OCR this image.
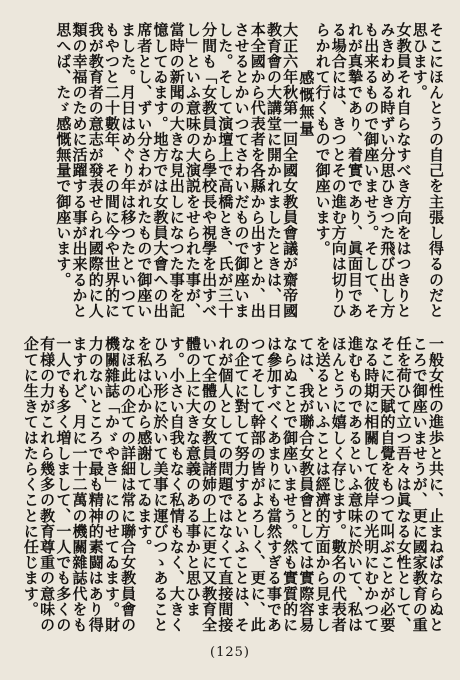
そこにほんとうの自己を主張し得るのだと思ひます。

女教員それ自らなすべき方向をはつきりとみきわめる時ずい分思ひきつた飛び出し方も出来るもので御座いませう。そして、それが真摯であり、着實であり、眞面目である場合には、きつとその進む方向は切りひらかれて行くもので御座います。

感慨無量

大正六年秋第一回全國女教員會議が齋帝國教育會の大講堂に開かれましたときは、日本全國から代表者を各縣から出すとか、出させるとかいつてさわいだもので御座いました。そして演壇上で高橋とき、氏が三十分間も「女教員から學校長や視學を出すべし」といふ意味の大演説をせられた事が、當時の新聞の大きな見出しになつた事を記憶してゐます。地方では女教員大會への出席者とし、ずい分さわがれたもので御座いました。月日はめぐり年は移つたといつてもやつと二十數年、その間に今や世界的に我が教育者の意志が發表せられ國際的に人類の幸福のために活躍する事が出来るかと思へば、たゞ感慨無量で御座います。

一般女性の進歩と共に、止まねばならぬところで御座いませうが、更に國家教育の重任を荷ひて立つ吾々は眞なる女性として、そこに天賦的自覺をもつて叫ぶことが必要なる時期に相關して彼岸の光明にむかつて進むものであるといふ意味に於いて、私はほんとうに嬉しく存じます。數名の代表者を送るといふことは經濟的方面から見ましては、我が聯合女教員會としては實際容易ならぬことで御座いませう。然も實質的には參加すべくあまりにも當然すぎる事であつてそして幹部の皆がよろしく、更に、此の企てに對して努力するといふことは、それが個人としての問題ではなくて直接間接いて全體の女教員諸姉の上に更に又教育全體の上に大きな意義のある事かと思ひます。小さい自我もなく私情もなく、大きくひろい形に於いて美事に運びつゝあることを私は心から感謝してゐます。

なほ此の企ての詳細は常に聯合女教員會の機關雜誌「かゞやき」にのせてゐます。財力のないところで最も精神的素闘はあり得ますれど、月に一十二萬の機關雜誌代をも一人でも多く増しまして、一人でも多くの有様の力がこれら幾多の教育尊重の意味の企てに生きてはたらくことに任じます。

(125)
